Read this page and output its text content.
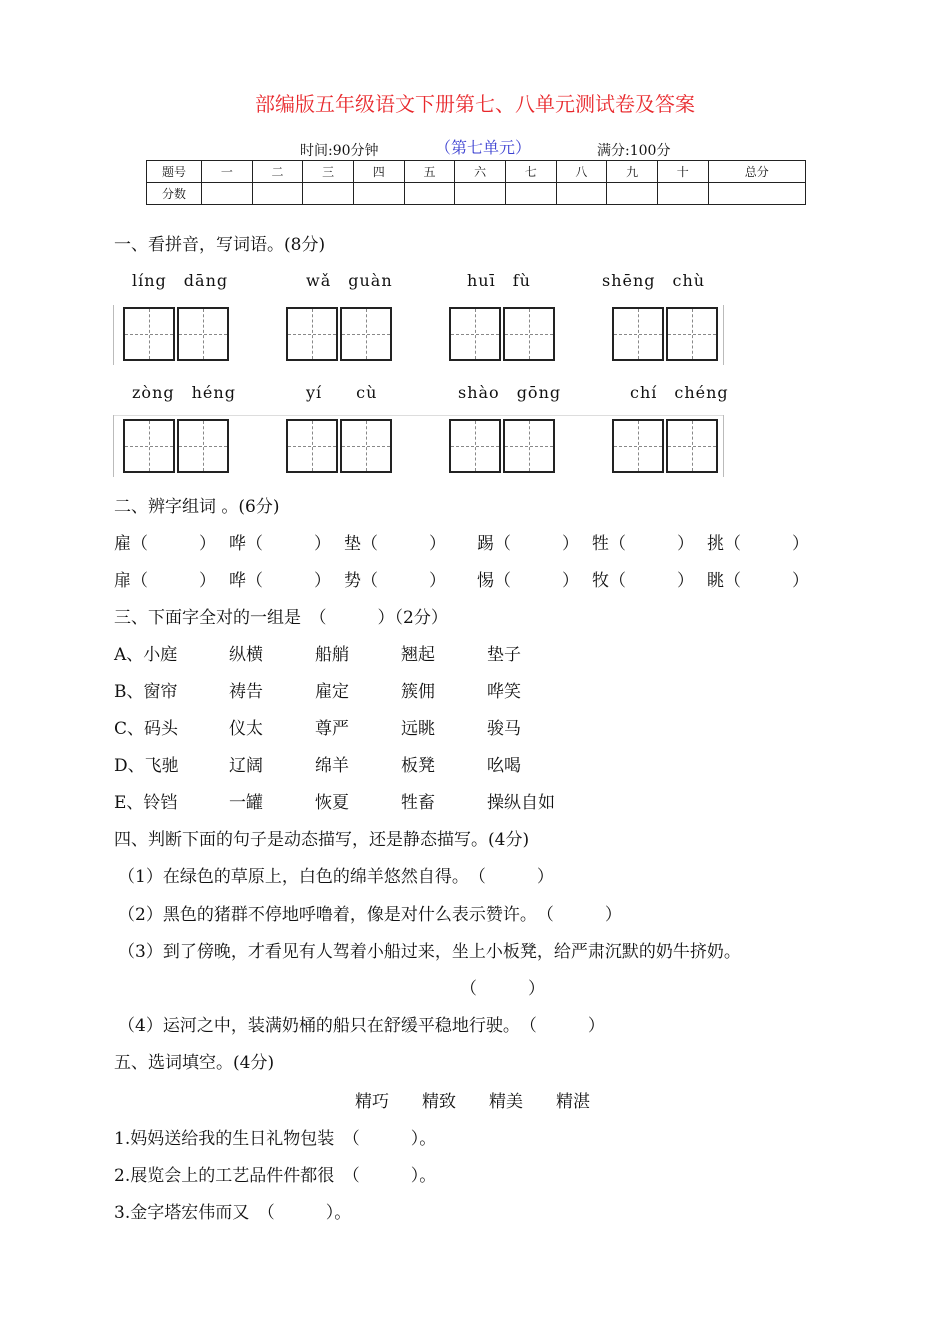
部编版五年级语文下册第七、八单元测试卷及答案
时间:90分钟	（第七单元）	满分:100分
题号	一	二	三	四	五	六	七	八	九	十	总分
分数											
一、看拼音，写词语。(8分)
líng　dāng	wǎ　guàn	huī　fù	shēng　chù
zòng　héng	yí　　cù	shào　gōng	chí　chéng
二、辨字组词 。(6分)
雇（　　　） 哗（　　　） 垫（　　　） 踢（　　　） 牲（　　　） 挑（　　　）
扉（　　　） 哗（　　　） 势（　　　） 惕（　　　） 牧（　　　） 眺（　　　）
三、下面字全对的一组是　（　　　）（2分）
A、小庭	纵横	船艄	翘起	垫子
B、窗帘	祷告	雇定	簇佣	哗笑
C、码头	仪太	尊严	远眺	骏马
D、飞驰	辽阔	绵羊	板凳	吆喝
E、铃铛	一罐	恢夏	牲畜	操纵自如
四、判断下面的句子是动态描写，还是静态描写。(4分)
（1）在绿色的草原上，白色的绵羊悠然自得。　（　　　）
（2）黑色的猪群不停地呼噜着，像是对什么表示赞许。　（　　　）
（3）到了傍晚，才看见有人驾着小船过来，坐上小板凳，给严肃沉默的奶牛挤奶。
（　　　）
（4）运河之中，装满奶桶的船只在舒缓平稳地行驶。　（　　　）
五、选词填空。(4分)
精巧 精致 精美 精湛
1.妈妈送给我的生日礼物包装　（　　　）。
2.展览会上的工艺品件件都很　（　　　）。
3.金字塔宏伟而又　（　　　）。
